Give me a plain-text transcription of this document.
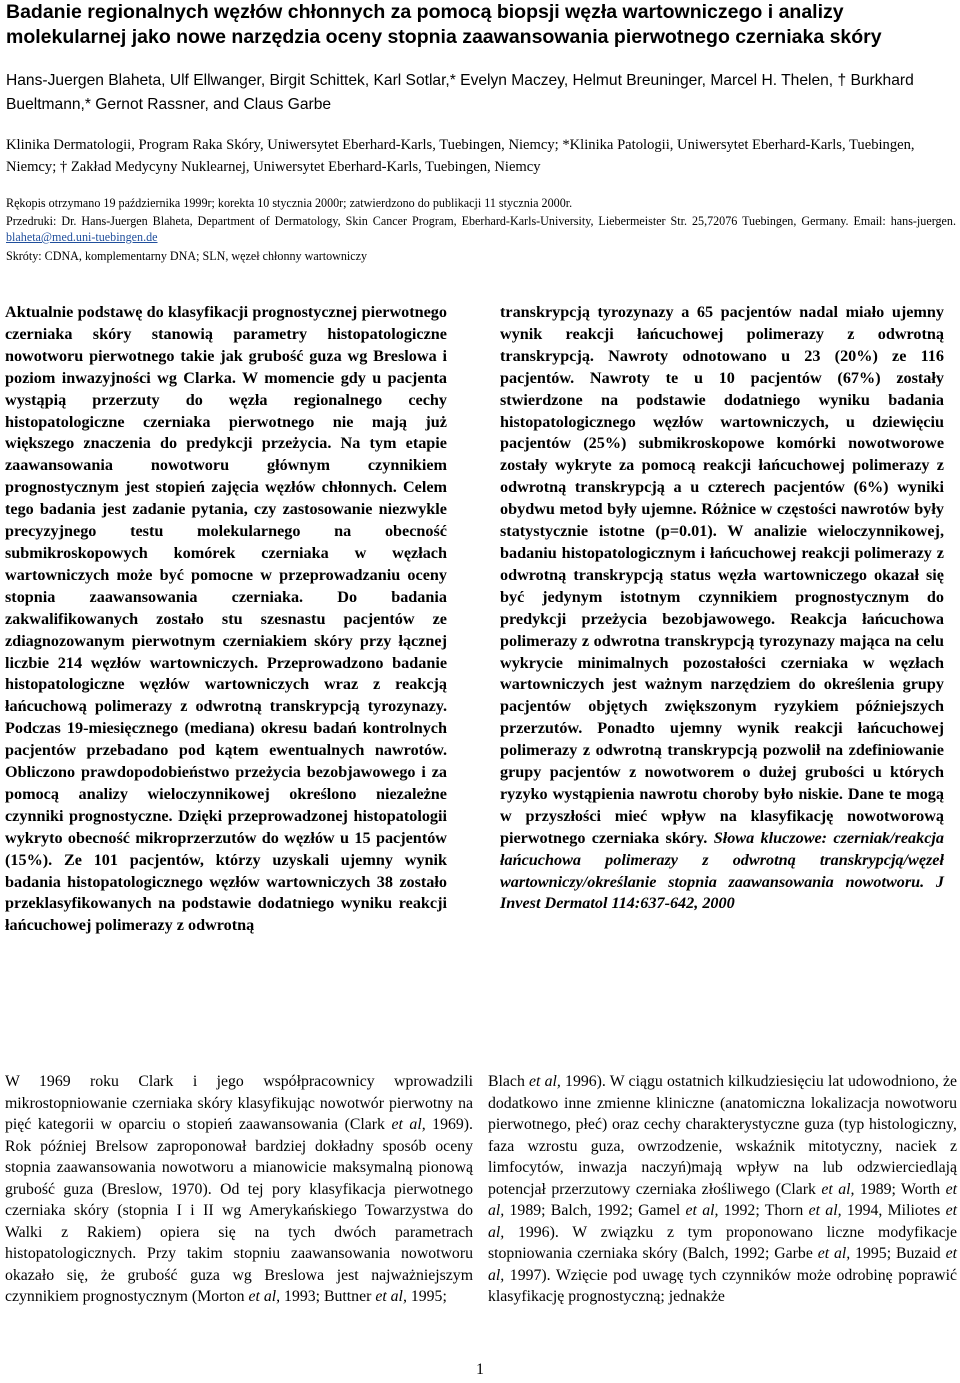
Badanie regionalnych węzłów chłonnych za pomocą biopsji węzła wartowniczego i analizy molekularnej jako nowe narzędzia oceny stopnia zaawansowania pierwotnego czerniaka skóry

Hans-Juergen Blaheta, Ulf Ellwanger, Birgit Schittek, Karl Sotlar,* Evelyn Maczey, Helmut Breuninger, Marcel H. Thelen, † Burkhard Bueltmann,* Gernot Rassner, and Claus Garbe

Klinika Dermatologii, Program Raka Skóry, Uniwersytet Eberhard-Karls, Tuebingen, Niemcy; *Klinika Patologii, Uniwersytet Eberhard-Karls, Tuebingen, Niemcy; † Zakład Medycyny Nuklearnej, Uniwersytet Eberhard-Karls, Tuebingen, Niemcy

Rękopis otrzymano 19 października 1999r; korekta 10 stycznia 2000r; zatwierdzono do publikacji 11 stycznia 2000r.

Przedruki: Dr. Hans-Juergen Blaheta, Department of Dermatology, Skin Cancer Program, Eberhard-Karls-University, Liebermeister Str. 25,72076 Tuebingen, Germany. Email: hans-juergen. blaheta@med.uni-tuebingen.de

Skróty: CDNA, komplementarny DNA; SLN, węzeł chłonny wartowniczy

Aktualnie podstawę do klasyfikacji prognostycznej pierwotnego czerniaka skóry stanowią parametry histopatologiczne nowotworu pierwotnego takie jak grubość guza wg Breslowa i poziom inwazyjności wg Clarka. W momencie gdy u pacjenta wystąpią przerzuty do węzła regionalnego cechy histopatologiczne czerniaka pierwotnego nie mają już większego znaczenia do predykcji przeżycia. Na tym etapie zaawansowania nowotworu głównym czynnikiem prognostycznym jest stopień zajęcia węzłów chłonnych. Celem tego badania jest zadanie pytania, czy zastosowanie niezwykle precyzyjnego testu molekularnego na obecność submikroskopowych komórek czerniaka w węzłach wartowniczych może być pomocne w przeprowadzaniu oceny stopnia zaawansowania czerniaka. Do badania zakwalifikowanych zostało stu szesnastu pacjentów ze zdiagnozowanym pierwotnym czerniakiem skóry przy łącznej liczbie 214 węzłów wartowniczych. Przeprowadzono badanie histopatologiczne węzłów wartowniczych wraz z reakcją łańcuchową polimerazy z odwrotną transkrypcją tyrozynazy. Podczas 19-miesięcznego (mediana) okresu badań kontrolnych pacjentów przebadano pod kątem ewentualnych nawrotów. Obliczono prawdopodobieństwo przeżycia bezobjawowego i za pomocą analizy wieloczynnikowej określono niezależne czynniki prognostyczne. Dzięki przeprowadzonej histopatologii wykryto obecność mikroprzerzutów do węzłów u 15 pacjentów (15%). Ze 101 pacjentów, którzy uzyskali ujemny wynik badania histopatologicznego węzłów wartowniczych 38 zostało przeklasyfikowanych na podstawie dodatniego wyniku reakcji łańcuchowej polimerazy z odwrotną

transkrypcją tyrozynazy a 65 pacjentów nadal miało ujemny wynik reakcji łańcuchowej polimerazy z odwrotną transkrypcją. Nawroty odnotowano u 23 (20%) ze 116 pacjentów. Nawroty te u 10 pacjentów (67%) zostały stwierdzone na podstawie dodatniego wyniku badania histopatologicznego węzłów wartowniczych, u dziewięciu pacjentów (25%) submikroskopowe komórki nowotworowe zostały wykryte za pomocą reakcji łańcuchowej polimerazy z odwrotną transkrypcją a u czterech pacjentów (6%) wyniki obydwu metod były ujemne. Różnice w częstości nawrotów były statystycznie istotne (p=0.01). W analizie wieloczynnikowej, badaniu histopatologicznym i łańcuchowej reakcji polimerazy z odwrotną transkrypcją status węzła wartowniczego okazał się być jedynym istotnym czynnikiem prognostycznym do predykcji przeżycia bezobjawowego. Reakcja łańcuchowa polimerazy z odwrotna transkrypcją tyrozynazy mająca na celu wykrycie minimalnych pozostałości czerniaka w węzłach wartowniczych jest ważnym narzędziem do określenia grupy pacjentów objętych zwiększonym ryzykiem późniejszych przerzutów. Ponadto ujemny wynik reakcji łańcuchowej polimerazy z odwrotną transkrypcją pozwolił na zdefiniowanie grupy pacjentów z nowotworem o dużej grubości u których ryzyko wystąpienia nawrotu choroby było niskie. Dane te mogą w przyszłości mieć wpływ na klasyfikację nowotworową pierwotnego czerniaka skóry. Słowa kluczowe: czerniak/reakcja łańcuchowa polimerazy z odwrotną transkrypcją/węzeł wartowniczy/określanie stopnia zaawansowania nowotworu. J Invest Dermatol 114:637-642, 2000

W 1969 roku Clark i jego współpracownicy wprowadzili mikrostopniowanie czerniaka skóry klasyfikując nowotwór pierwotny na pięć kategorii w oparciu o stopień zaawansowania (Clark et al, 1969). Rok później Brelsow zaproponował bardziej dokładny sposób oceny stopnia zaawansowania nowotworu a mianowicie maksymalną pionową grubość guza (Breslow, 1970). Od tej pory klasyfikacja pierwotnego czerniaka skóry (stopnia I i II wg Amerykańskiego Towarzystwa do Walki z Rakiem) opiera się na tych dwóch parametrach histopatologicznych. Przy takim stopniu zaawansowania nowotworu okazało się, że grubość guza wg Breslowa jest najważniejszym czynnikiem prognostycznym (Morton et al, 1993; Buttner et al, 1995;

Blach et al, 1996). W ciągu ostatnich kilkudziesięciu lat udowodniono, że dodatkowo inne zmienne kliniczne (anatomiczna lokalizacja nowotworu pierwotnego, płeć) oraz cechy charakterystyczne guza (typ histologiczny, faza wzrostu guza, owrzodzenie, wskaźnik mitotyczny, naciek z limfocytów, inwazja naczyń)mają wpływ na lub odzwierciedlają potencjał przerzutowy czerniaka złośliwego (Clark et al, 1989; Worth et al, 1989; Balch, 1992; Gamel et al, 1992; Thorn et al, 1994, Miliotes et al, 1996). W związku z tym proponowano liczne modyfikacje stopniowania czerniaka skóry (Balch, 1992; Garbe et al, 1995; Buzaid et al, 1997). Wzięcie pod uwagę tych czynników może odrobinę poprawić klasyfikację prognostyczną; jednakże

1
